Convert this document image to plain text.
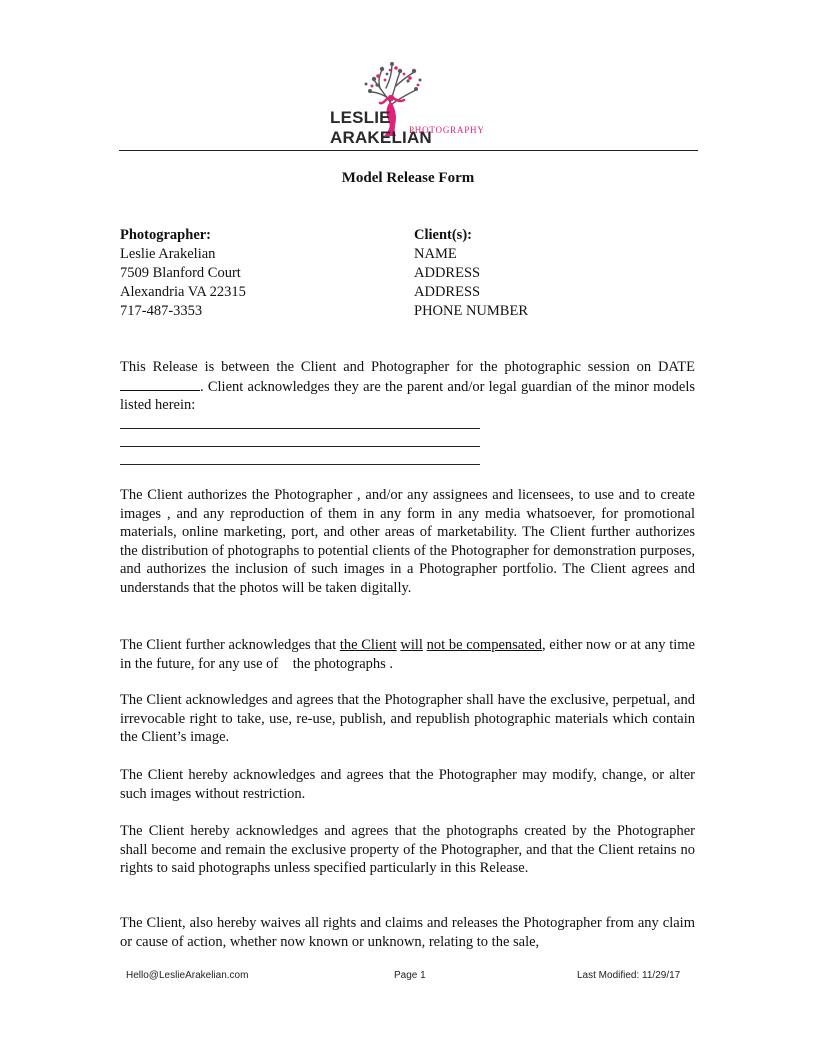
LESLIE ARAKELIAN
PHOTOGRAPHY
Model Release Form
Photographer:
Leslie Arakelian
7509 Blanford Court
Alexandria VA 22315
717-487-3353
Client(s):
NAME
ADDRESS
ADDRESS
PHONE NUMBER
This Release is between the Client and Photographer for the photographic session on DATE . Client acknowledges they are the parent and/or legal guardian of the minor models listed herein:
The Client authorizes the Photographer , and/or any assignees and licensees, to use and to create images , and any reproduction of them in any form in any media whatsoever, for promotional materials, online marketing, port, and other areas of marketability. The Client further authorizes the distribution of photographs to potential clients of the Photographer for demonstration purposes, and authorizes the inclusion of such images in a Photographer portfolio. The Client agrees and understands that the photos will be taken digitally.
The Client further acknowledges that the Client will not be compensated, either now or at any time in the future, for any use of the photographs .
The Client acknowledges and agrees that the Photographer shall have the exclusive, perpetual, and irrevocable right to take, use, re-use, publish, and republish photographic materials which contain the Client’s image.
The Client hereby acknowledges and agrees that the Photographer may modify, change, or alter such images without restriction.
The Client hereby acknowledges and agrees that the photographs created by the Photographer shall become and remain the exclusive property of the Photographer, and that the Client retains no rights to said photographs unless specified particularly in this Release.
The Client, also hereby waives all rights and claims and releases the Photographer from any claim or cause of action, whether now known or unknown, relating to the sale,
Hello@LeslieArakelian.com	Page 1	Last Modified: 11/29/17
